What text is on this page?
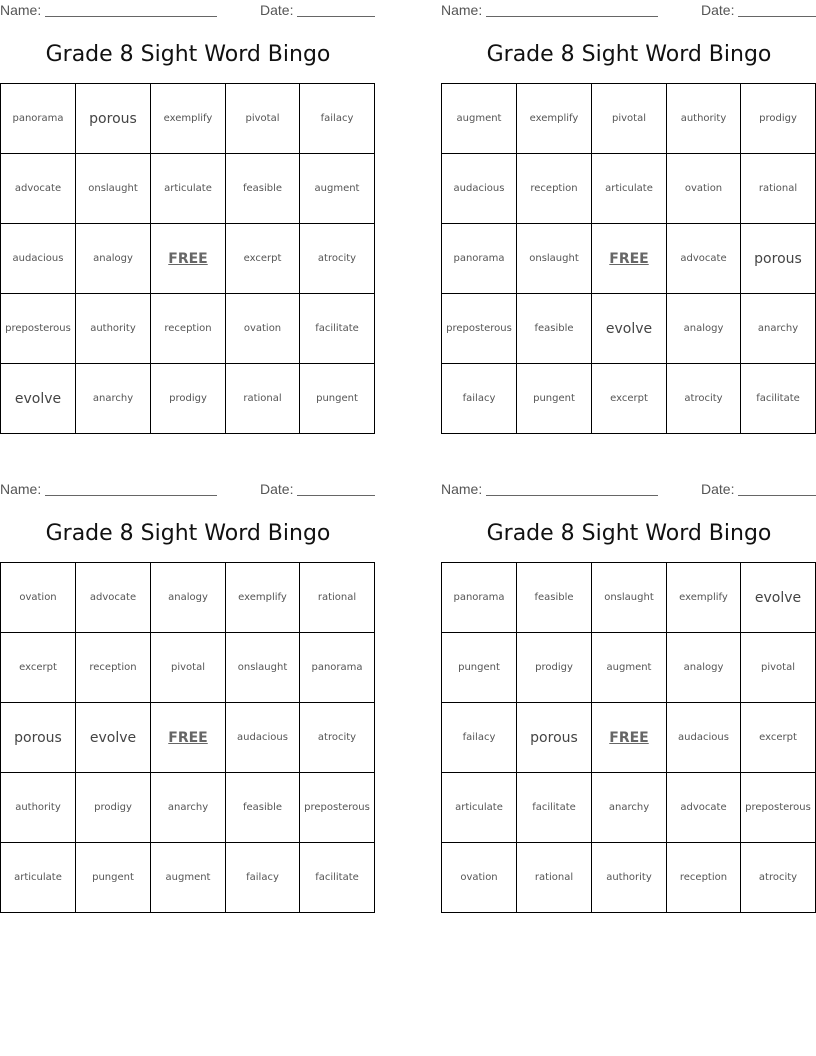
Name:	Date:
Grade 8 Sight Word Bingo
panorama	porous	exemplify	pivotal	failacy
advocate	onslaught	articulate	feasible	augment
audacious	analogy	FREE	excerpt	atrocity
preposterous	authority	reception	ovation	facilitate
evolve	anarchy	prodigy	rational	pungent
Name:	Date:
Grade 8 Sight Word Bingo
augment	exemplify	pivotal	authority	prodigy
audacious	reception	articulate	ovation	rational
panorama	onslaught	FREE	advocate	porous
preposterous	feasible	evolve	analogy	anarchy
failacy	pungent	excerpt	atrocity	facilitate
Name:	Date:
Grade 8 Sight Word Bingo
ovation	advocate	analogy	exemplify	rational
excerpt	reception	pivotal	onslaught	panorama
porous	evolve	FREE	audacious	atrocity
authority	prodigy	anarchy	feasible	preposterous
articulate	pungent	augment	failacy	facilitate
Name:	Date:
Grade 8 Sight Word Bingo
panorama	feasible	onslaught	exemplify	evolve
pungent	prodigy	augment	analogy	pivotal
failacy	porous	FREE	audacious	excerpt
articulate	facilitate	anarchy	advocate	preposterous
ovation	rational	authority	reception	atrocity
